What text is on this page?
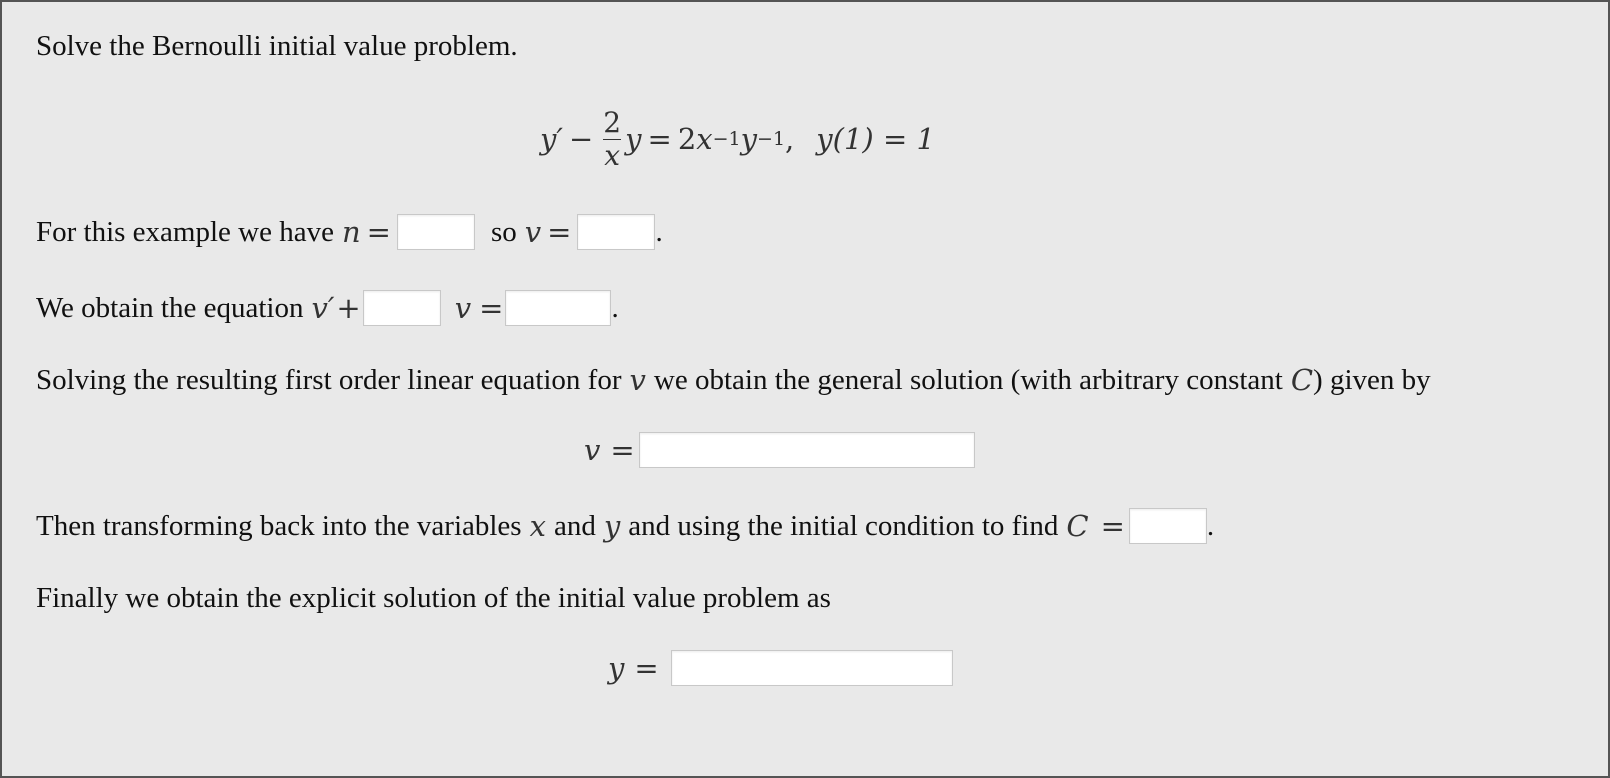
Solve the Bernoulli initial value problem.
$y' - \frac{2}{x}$ y = 2 x −1 y −1 , y(1) = 1
For this example we have n =	so v =	.
We obtain the equation v′ +	v =	.
Solving the resulting first order linear equation for v we obtain the general solution (with arbitrary constant C ) given by
v =
Then transforming back into the variables x and y and using the initial condition to find C =	.
Finally we obtain the explicit solution of the initial value problem as
y =
